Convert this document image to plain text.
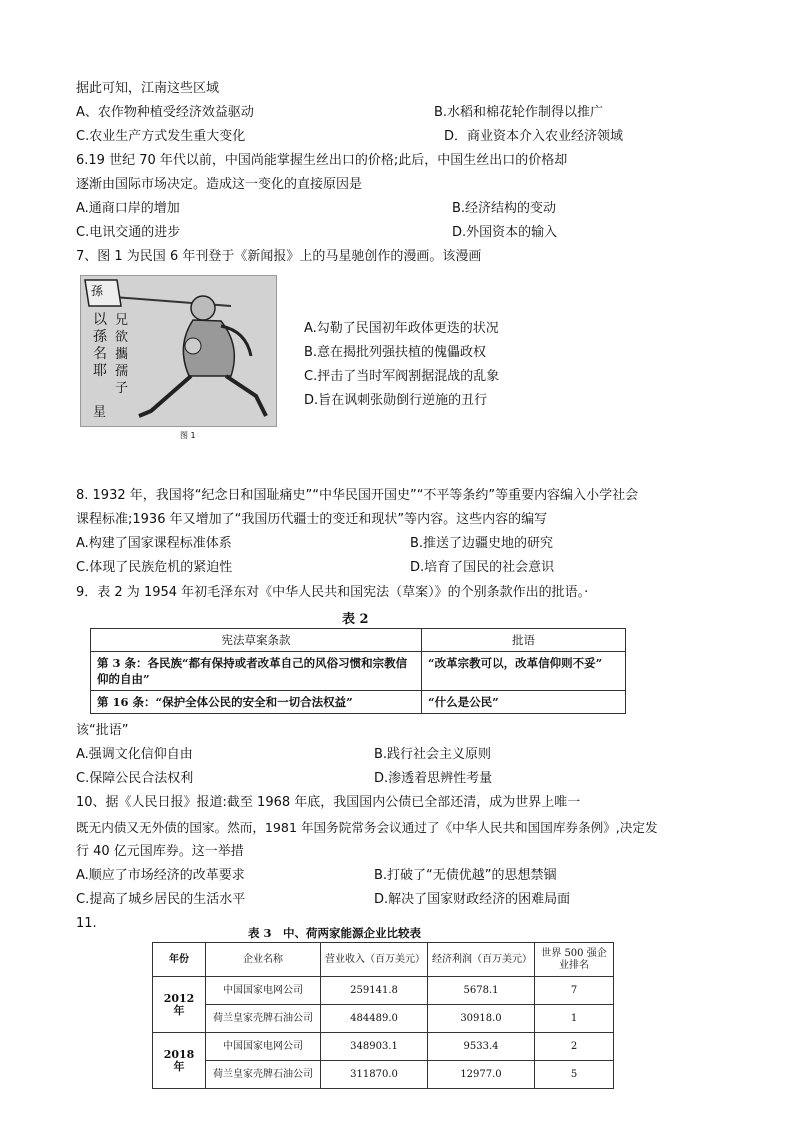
据此可知，江南这些区域
A、农作物种植受经济效益驱动	B.水稻和棉花轮作制得以推广
C.农业生产方式发生重大变化	D．商业资本介入农业经济领域
6.19 世纪 70 年代以前，中国尚能掌握生丝出口的价格;此后，中国生丝出口的价格却
逐渐由国际市场决定。造成这一变化的直接原因是
A.通商口岸的增加	B.经济结构的变动
C.电讯交通的进步	D.外国资本的输入
7、图 1 为民国 6 年刊登于《新闻报》上的马星驰创作的漫画。该漫画
孫
以孫名耶
兄欲攜孺子
星
图 1
A.勾勒了民国初年政体更迭的状况
B.意在揭批列强扶植的傀儡政权
C.抨击了当时军阀割据混战的乱象
D.旨在讽刺张勋倒行逆施的丑行
8. 1932 年，我国将“纪念日和国耻痛史”“中华民国开国史”“不平等条约”等重要内容编入小学社会
课程标准;1936 年又增加了“我国历代疆士的变迁和现状”等内容。这些内容的编写
A.构建了国家课程标准体系	B.推送了边疆史地的研究
C.体现了民族危机的紧迫性	D.培育了国民的社会意识
9．表 2 为 1954 年初毛泽东对《中华人民共和国宪法（草案）》的个别条款作出的批语。·
表 2
宪法草案条款	批语
第 3 条：各民族“都有保持或者改革自己的风俗习惯和宗教信仰的自由”	“改革宗教可以，改革信仰则不妥”
第 16 条：“保护全体公民的安全和一切合法权益”	“什么是公民”
该“批语”
A.强调文化信仰自由	B.践行社会主义原则
C.保障公民合法权利	D.渗透着思辨性考量
10、据《人民日报》报道:截至 1968 年底，我国国内公债已全部还清，成为世界上唯一
既无内债又无外债的国家。然而，1981 年国务院常务会议通过了《中华人民共和国国库券条例》,决定发
行 40 亿元国库券。这一举措
A.顺应了市场经济的改革要求	B.打破了“无债优越”的思想禁锢
C.提高了城乡居民的生活水平	D.解决了国家财政经济的困难局面
11.
表 3　中、荷两家能源企业比较表
年份	企业名称	营业收入（百万美元）	经济利润（百万美元）	世界 500 强企业排名
2012 年	中国国家电网公司	259141.8	5678.1	7
	荷兰皇家壳牌石油公司	484489.0	30918.0	1
2018 年	中国国家电网公司	348903.1	9533.4	2
	荷兰皇家壳牌石油公司	311870.0	12977.0	5
